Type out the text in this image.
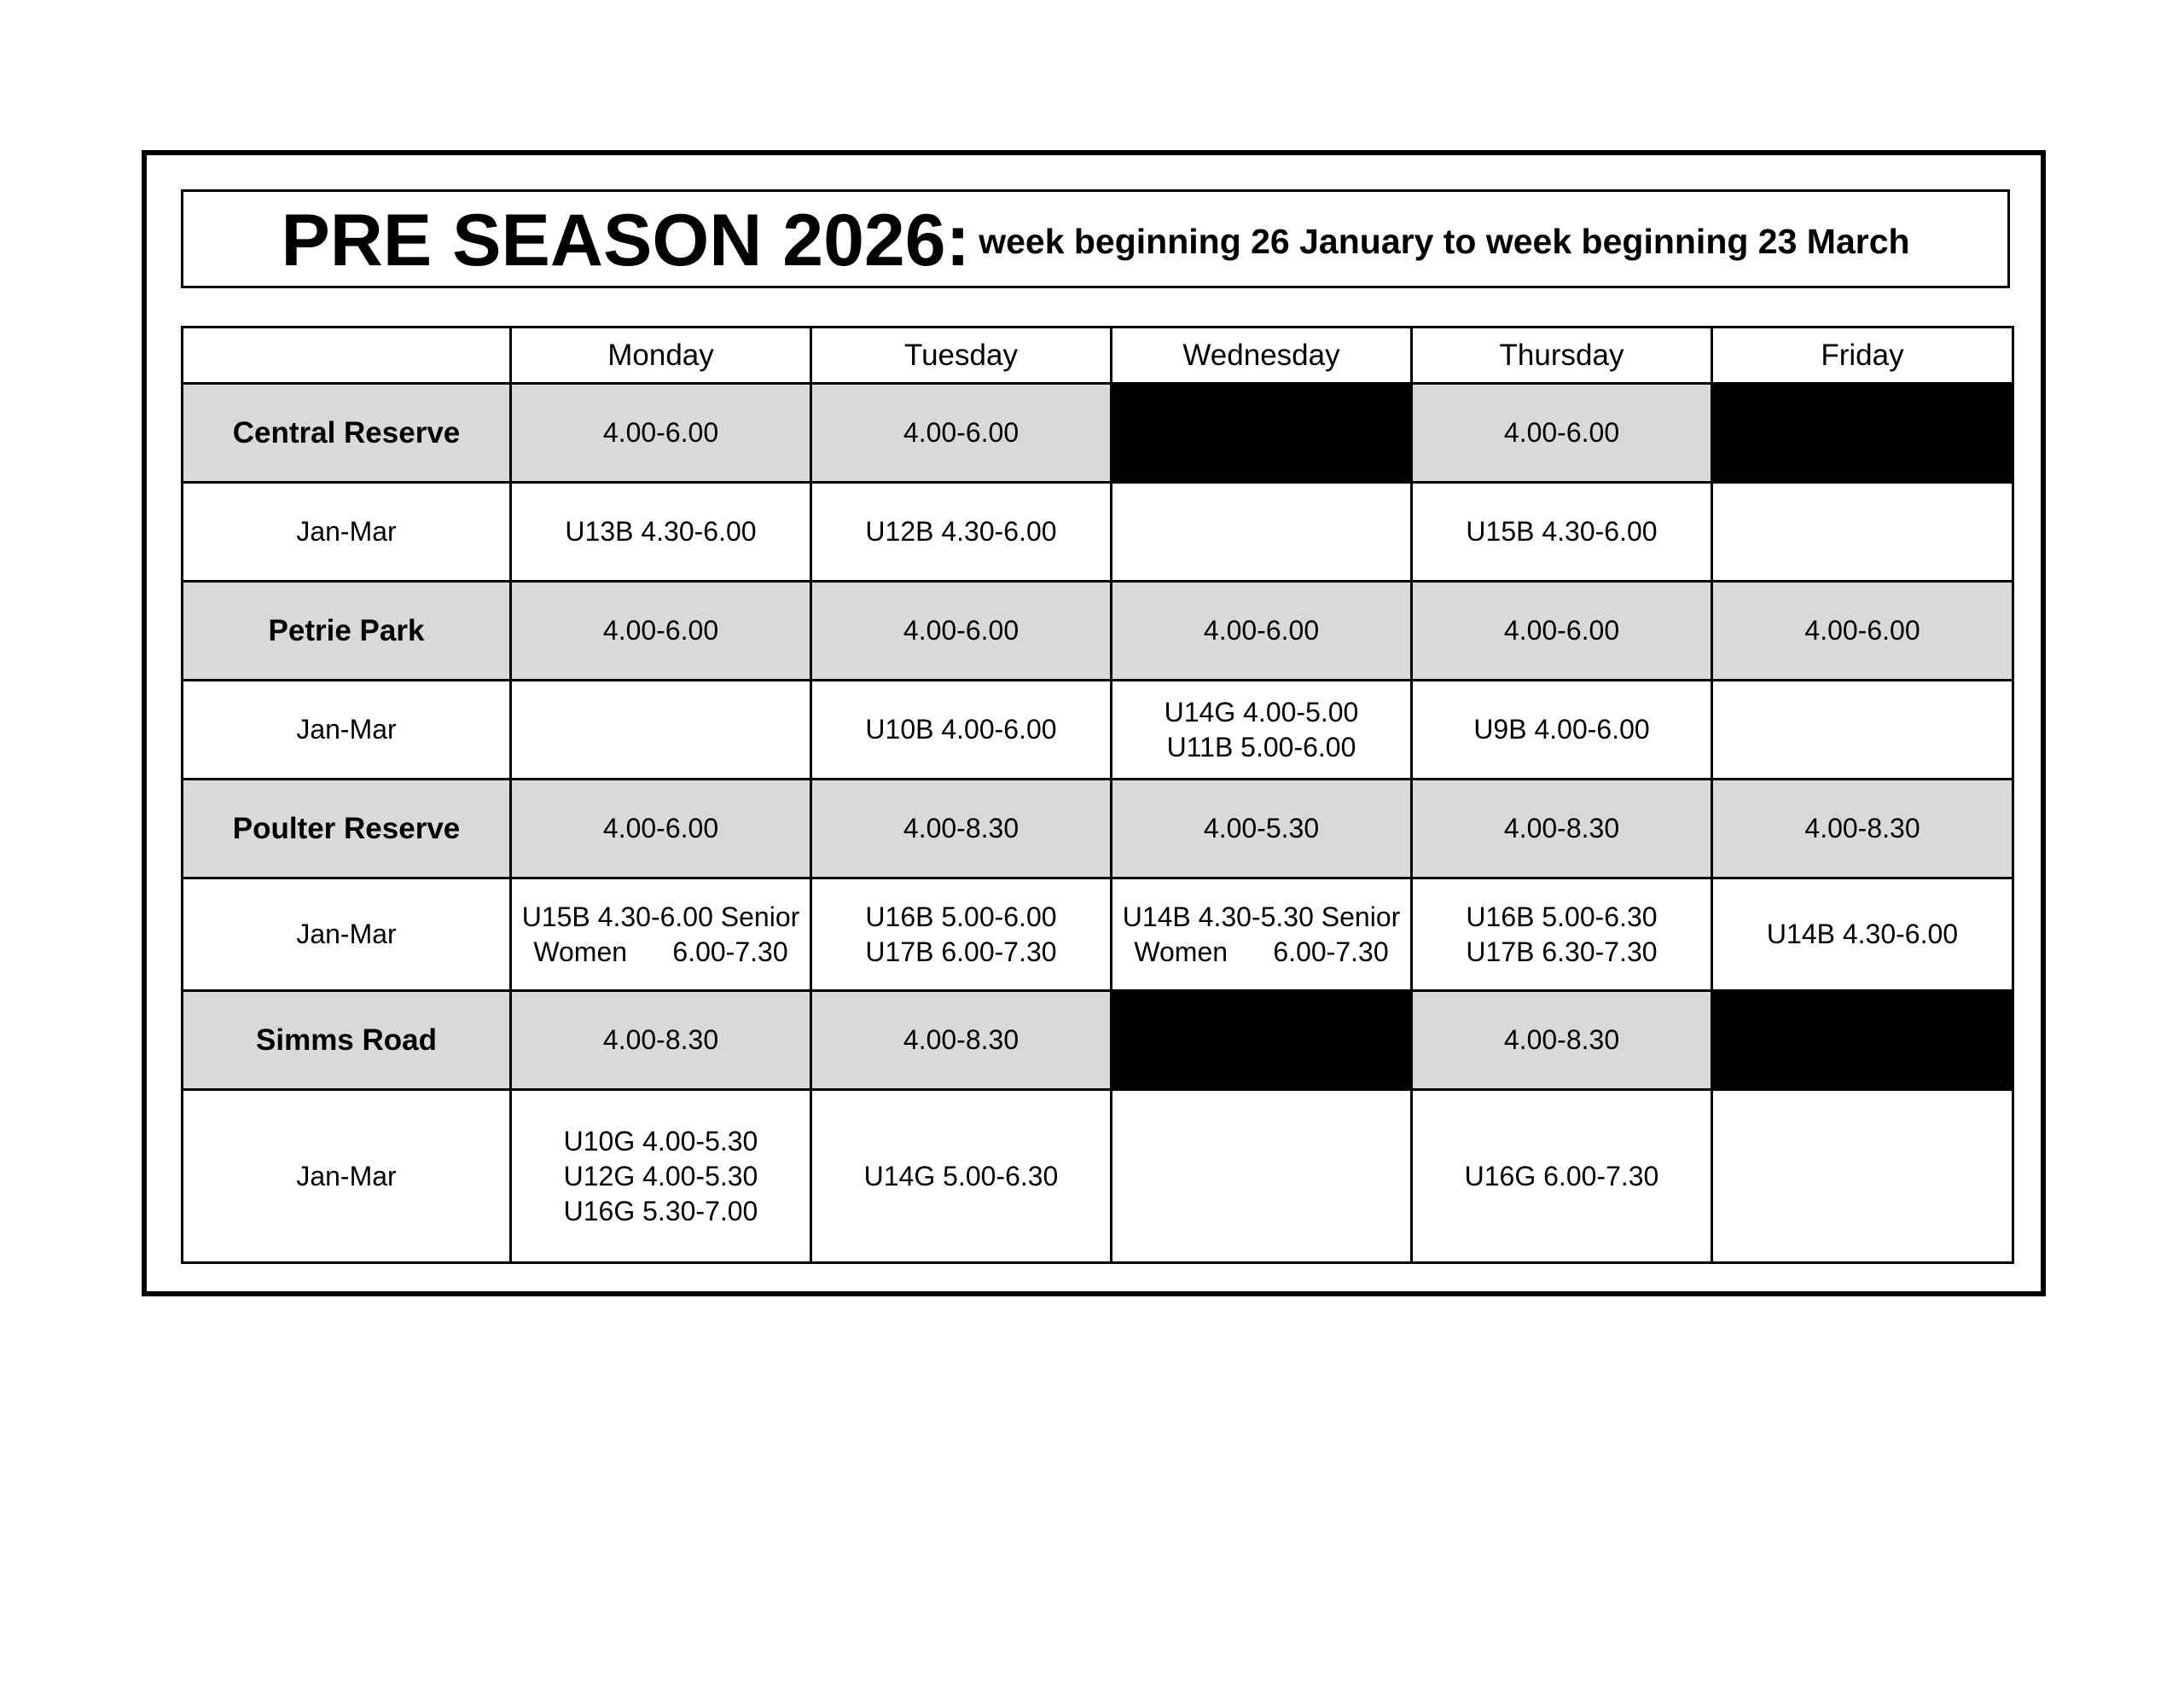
PRE SEASON 2026: week beginning 26 January to week beginning 23 March
	Monday	Tuesday	Wednesday	Thursday	Friday
Central Reserve	4.00-6.00	4.00-6.00		4.00-6.00	
Jan-Mar	U13B 4.30-6.00	U12B 4.30-6.00		U15B 4.30-6.00	

Petrie Park	4.00-6.00	4.00-6.00	4.00-6.00	4.00-6.00	4.00-6.00
Jan-Mar		U10B 4.00-6.00	U14G 4.00-5.00
U11B 5.00-6.00	U9B 4.00-6.00	

Poulter Reserve	4.00-6.00	4.00-8.30	4.00-5.30	4.00-8.30	4.00-8.30
Jan-Mar	U15B 4.30-6.00 Senior
Women      6.00-7.30	U16B 5.00-6.00
U17B 6.00-7.30	U14B 4.30-5.30 Senior
Women      6.00-7.30	U16B 5.00-6.30
U17B 6.30-7.30	U14B 4.30-6.00

Simms Road	4.00-8.30	4.00-8.30		4.00-8.30	
Jan-Mar	U10G 4.00-5.30
U12G 4.00-5.30
U16G 5.30-7.00	U14G 5.00-6.30		U16G 6.00-7.30	
